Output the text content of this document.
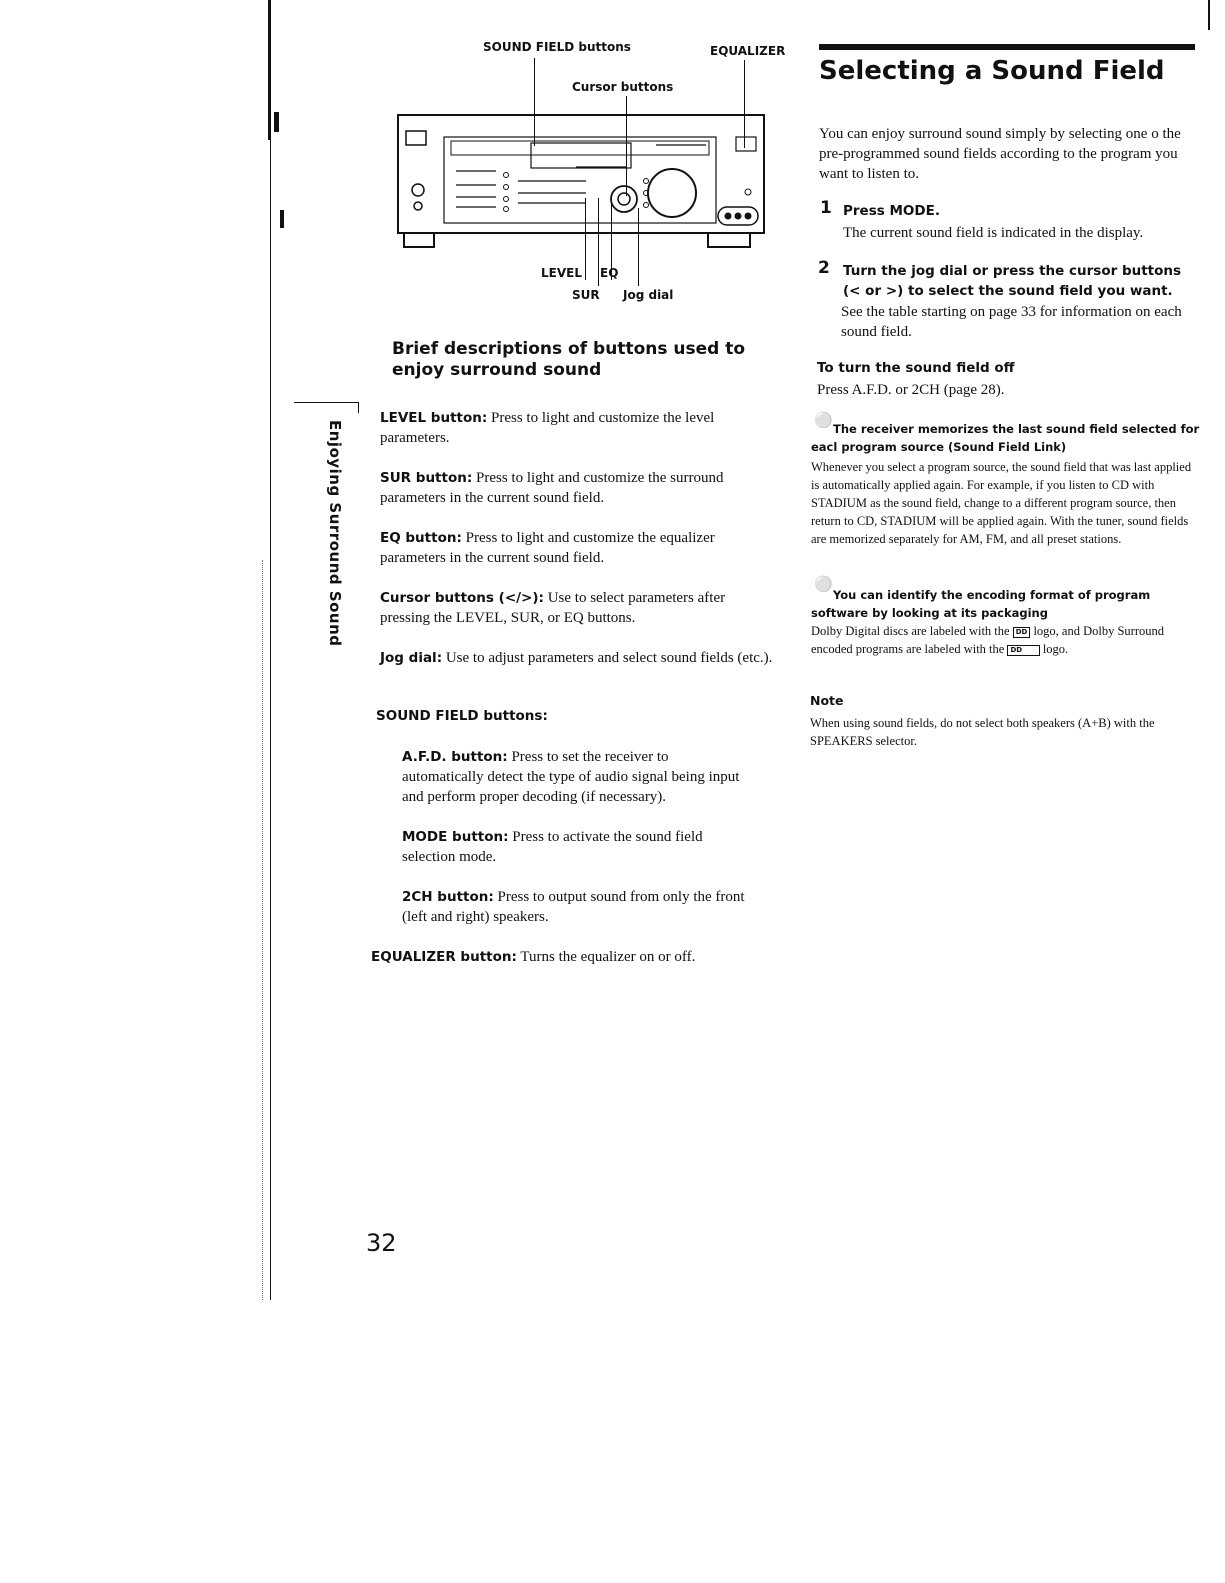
Enjoying Surround Sound
SOUND FIELD buttons	EQUALIZER
Cursor buttons
LEVEL EQ
SUR Jog dial
Brief descriptions of buttons used to enjoy surround sound

LEVEL button: Press to light and customize the level parameters.

SUR button: Press to light and customize the surround parameters in the current sound field.

EQ button: Press to light and customize the equalizer parameters in the current sound field.

Cursor buttons (</>): Use to select parameters after pressing the LEVEL, SUR, or EQ buttons.

Jog dial: Use to adjust parameters and select sound fields (etc.).

SOUND FIELD buttons:

A.F.D. button: Press to set the receiver to automatically detect the type of audio signal being input and perform proper decoding (if necessary).

MODE button: Press to activate the sound field selection mode.

2CH button: Press to output sound from only the front (left and right) speakers.

EQUALIZER button: Turns the equalizer on or off.

Selecting a Sound Field
You can enjoy surround sound simply by selecting one o the pre-programmed sound fields according to the program you want to listen to.
1 Press MODE.
The current sound field is indicated in the display.
2 Turn the jog dial or press the cursor buttons (< or >) to select the sound field you want.
See the table starting on page 33 for information on each sound field.
To turn the sound field off
Press A.F.D. or 2CH (page 28).
⚪ The receiver memorizes the last sound field selected for eacl program source (Sound Field Link)
Whenever you select a program source, the sound field that was last applied is automatically applied again. For example, if you listen to CD with STADIUM as the sound field, change to a different program source, then return to CD, STADIUM will be applied again. With the tuner, sound fields are memorized separately for AM, FM, and all preset stations.
⚪
You can identify the encoding format of program software by looking at its packaging
Dolby Digital discs are labeled with the DD logo, and Dolby Surround encoded programs are labeled with the DD       logo.
Note
When using sound fields, do not select both speakers (A+B) with the SPEAKERS selector.
32
